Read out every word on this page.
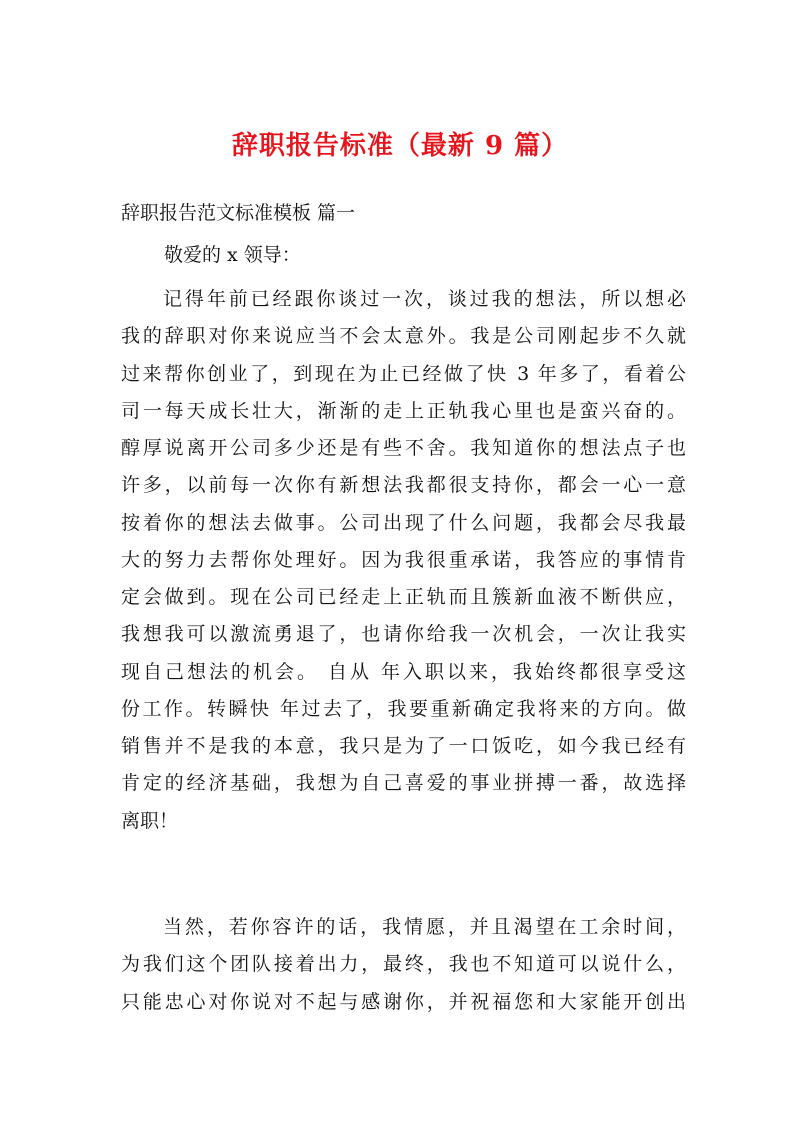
辞职报告标准（最新 9 篇）
辞职报告范文标准模板 篇一
敬爱的 x 领导：
记得年前已经跟你谈过一次，谈过我的想法，所以想必
我的辞职对你来说应当不会太意外。我是公司刚起步不久就
过来帮你创业了，到现在为止已经做了快 3 年多了，看着公
司一每天成长壮大，渐渐的走上正轨我心里也是蛮兴奋的。
醇厚说离开公司多少还是有些不舍。我知道你的想法点子也
许多，以前每一次你有新想法我都很支持你，都会一心一意
按着你的想法去做事。公司出现了什么问题，我都会尽我最
大的努力去帮你处理好。因为我很重承诺，我答应的事情肯
定会做到。现在公司已经走上正轨而且簇新血液不断供应，
我想我可以激流勇退了，也请你给我一次机会，一次让我实
现自己想法的机会。 自从 年入职以来，我始终都很享受这
份工作。转瞬快 年过去了，我要重新确定我将来的方向。做
销售并不是我的本意，我只是为了一口饭吃，如今我已经有
肯定的经济基础，我想为自己喜爱的事业拼搏一番，故选择
离职！
当然，若你容许的话，我情愿，并且渴望在工余时间，
为我们这个团队接着出力，最终，我也不知道可以说什么，
只能忠心对你说对不起与感谢你，并祝福您和大家能开创出
